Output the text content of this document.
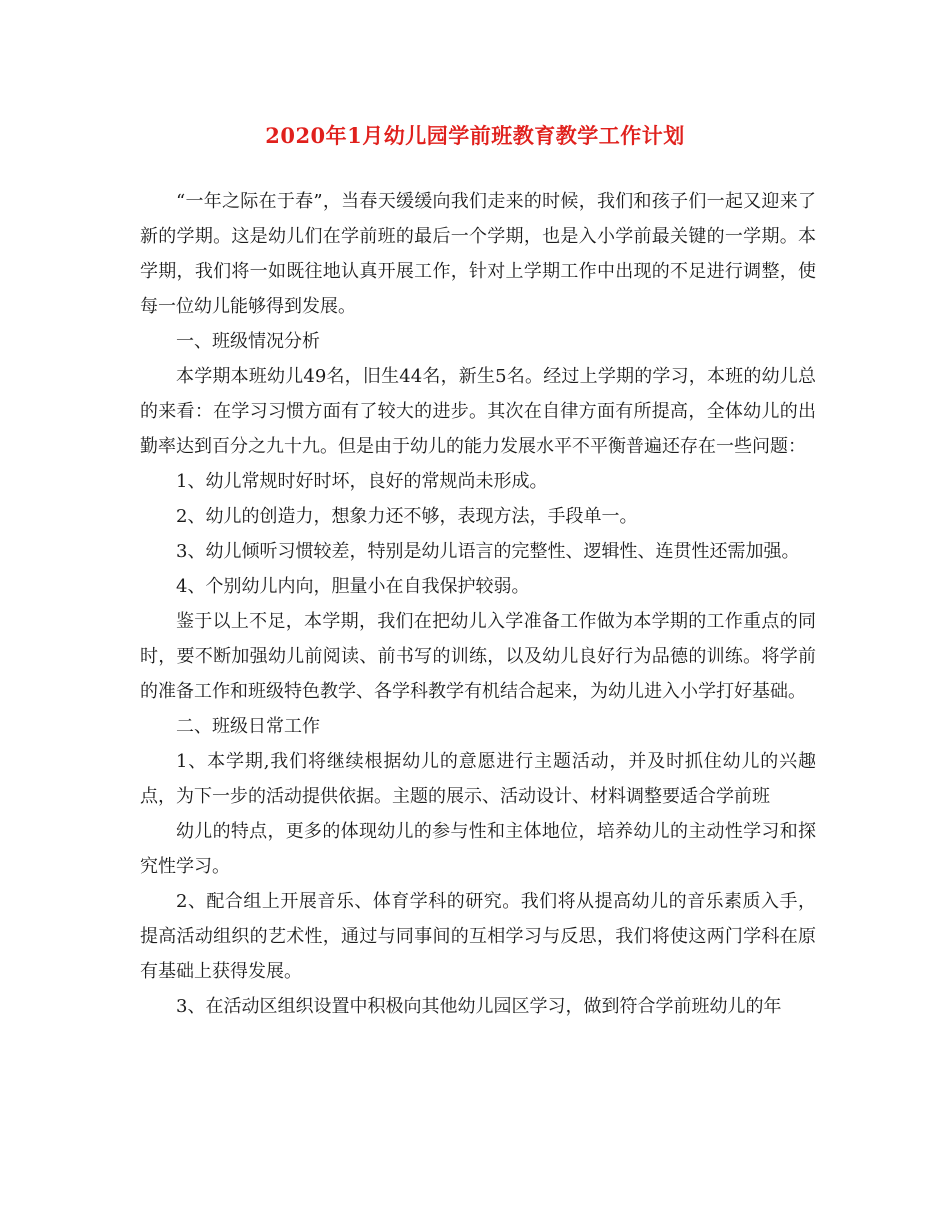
2020年1月幼儿园学前班教育教学工作计划

“一年之际在于春”，当春天缓缓向我们走来的时候，我们和孩子们一起又迎来了新的学期。这是幼儿们在学前班的最后一个学期，也是入小学前最关键的一学期。本学期，我们将一如既往地认真开展工作，针对上学期工作中出现的不足进行调整，使每一位幼儿能够得到发展。

一、班级情况分析

本学期本班幼儿49名，旧生44名，新生5名。经过上学期的学习，本班的幼儿总的来看：在学习习惯方面有了较大的进步。其次在自律方面有所提高，全体幼儿的出勤率达到百分之九十九。但是由于幼儿的能力发展水平不平衡普遍还存在一些问题：

1、幼儿常规时好时坏，良好的常规尚未形成。

2、幼儿的创造力，想象力还不够，表现方法，手段单一。

3、幼儿倾听习惯较差，特别是幼儿语言的完整性、逻辑性、连贯性还需加强。

4、个别幼儿内向，胆量小在自我保护较弱。

鉴于以上不足，本学期，我们在把幼儿入学准备工作做为本学期的工作重点的同时，要不断加强幼儿前阅读、前书写的训练，以及幼儿良好行为品德的训练。将学前的准备工作和班级特色教学、各学科教学有机结合起来，为幼儿进入小学打好基础。

二、班级日常工作

1、本学期,我们将继续根据幼儿的意愿进行主题活动，并及时抓住幼儿的兴趣点，为下一步的活动提供依据。主题的展示、活动设计、材料调整要适合学前班

幼儿的特点，更多的体现幼儿的参与性和主体地位，培养幼儿的主动性学习和探究性学习。

2、配合组上开展音乐、体育学科的研究。我们将从提高幼儿的音乐素质入手，提高活动组织的艺术性，通过与同事间的互相学习与反思，我们将使这两门学科在原有基础上获得发展。

3、在活动区组织设置中积极向其他幼儿园区学习，做到符合学前班幼儿的年
